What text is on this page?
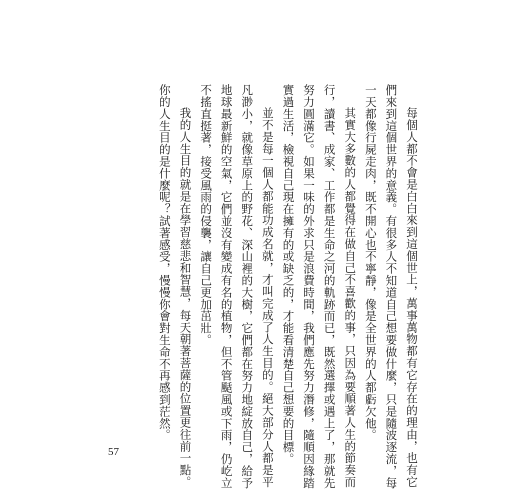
每個人都不會是白白來到這個世上，萬事萬物都有它存在的理由，也有它
們來到這個世界的意義。有很多人不知道自己想要做什麼，只是隨波逐流，每
一天都像行屍走肉，既不開心也不寧靜，像是全世界的人都虧欠他。
其實大多數的人都覺得在做自己不喜歡的事，只因為要順著人生的節奏而
行，讀書、成家、工作都是生命之河的軌跡而已，既然選擇或遇上了，那就先
努力圓滿它。如果一味的外求只是浪費時間，我們應先努力潛修，隨順因緣踏
實過生活，檢視自己現在擁有的或缺乏的，才能看清楚自己想要的目標。
並不是每一個人都能功成名就，才叫完成了人生目的。絕大部分人都是平
凡渺小，就像草原上的野花、深山裡的大樹，它們都在努力地綻放自己，給予
地球最新鮮的空氣，它們並沒有變成有名的植物，但不管颳風或下雨，仍屹立
不搖直挺著，接受風雨的侵襲，讓自己更加茁壯。
我的人生目的就是在學習慈悲和智慧，每天朝著菩薩的位置更往前一點。
你的人生目的是什麼呢？試著感受，慢慢你會對生命不再感到茫然。
57
